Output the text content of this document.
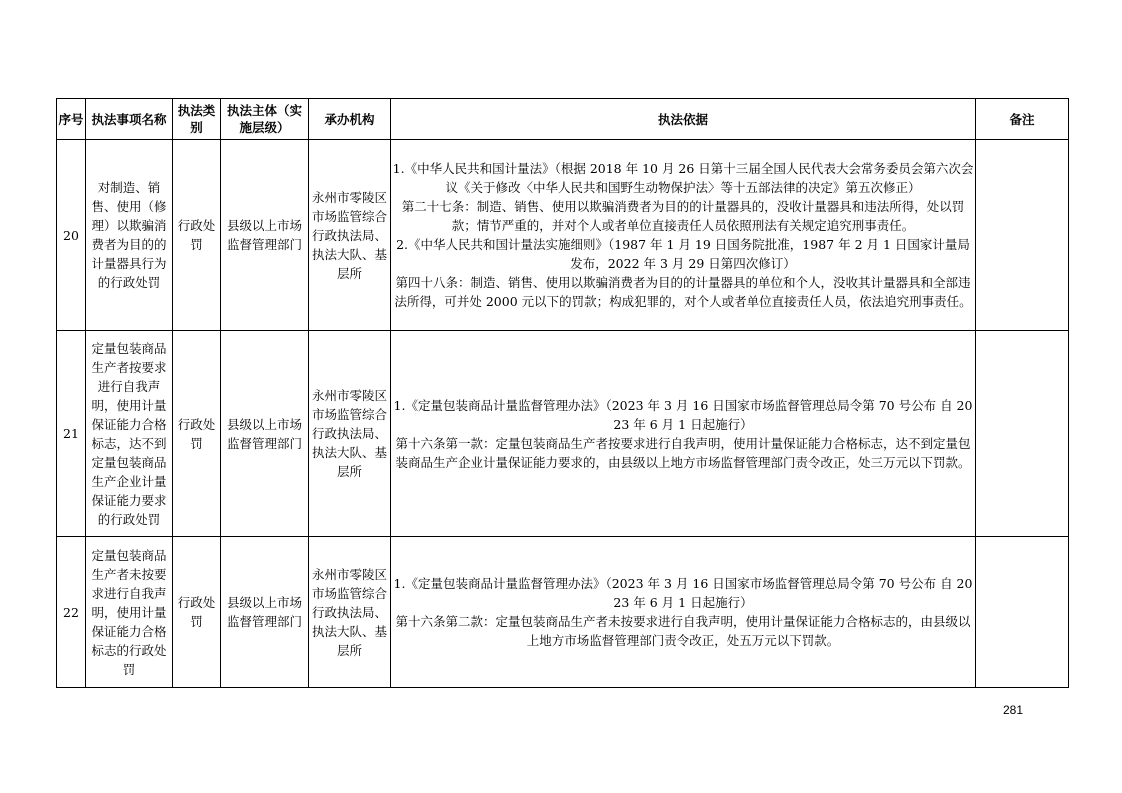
序号	执法事项名称	执法类别	执法主体（实施层级）	承办机构	执法依据	备注
20	对制造、销售、使用（修理）以欺骗消费者为目的的计量器具行为的行政处罚	行政处罚	县级以上市场监督管理部门	永州市零陵区市场监管综合行政执法局、执法大队、基层所	1.《中华人民共和国计量法》（根据 2018 年 10 月 26 日第十三届全国人民代表大会常务委员会第六次会议《关于修改〈中华人民共和国野生动物保护法〉等十五部法律的决定》第五次修正）

第二十七条：制造、销售、使用以欺骗消费者为目的的计量器具的，没收计量器具和违法所得，处以罚款；情节严重的，并对个人或者单位直接责任人员依照刑法有关规定追究刑事责任。

2.《中华人民共和国计量法实施细则》（1987 年 1 月 19 日国务院批准，1987 年 2 月 1 日国家计量局发布，2022 年 3 月 29 日第四次修订）

第四十八条：制造、销售、使用以欺骗消费者为目的的计量器具的单位和个人，没收其计量器具和全部违法所得，可并处 2000 元以下的罚款；构成犯罪的，对个人或者单位直接责任人员，依法追究刑事责任。	

21	定量包装商品生产者按要求进行自我声明，使用计量保证能力合格标志，达不到定量包装商品生产企业计量保证能力要求的行政处罚	行政处罚	县级以上市场监督管理部门	永州市零陵区市场监管综合行政执法局、执法大队、基层所	1.《定量包装商品计量监督管理办法》（2023 年 3 月 16 日国家市场监督管理总局令第 70 号公布 自 2023 年 6 月 1 日起施行）

第十六条第一款：定量包装商品生产者按要求进行自我声明，使用计量保证能力合格标志，达不到定量包装商品生产企业计量保证能力要求的，由县级以上地方市场监督管理部门责令改正，处三万元以下罚款。	

22	定量包装商品生产者未按要求进行自我声明，使用计量保证能力合格标志的行政处罚	行政处罚	县级以上市场监督管理部门	永州市零陵区市场监管综合行政执法局、执法大队、基层所	1.《定量包装商品计量监督管理办法》（2023 年 3 月 16 日国家市场监督管理总局令第 70 号公布 自 2023 年 6 月 1 日起施行）

第十六条第二款：定量包装商品生产者未按要求进行自我声明，使用计量保证能力合格标志的，由县级以上地方市场监督管理部门责令改正，处五万元以下罚款。	

281
